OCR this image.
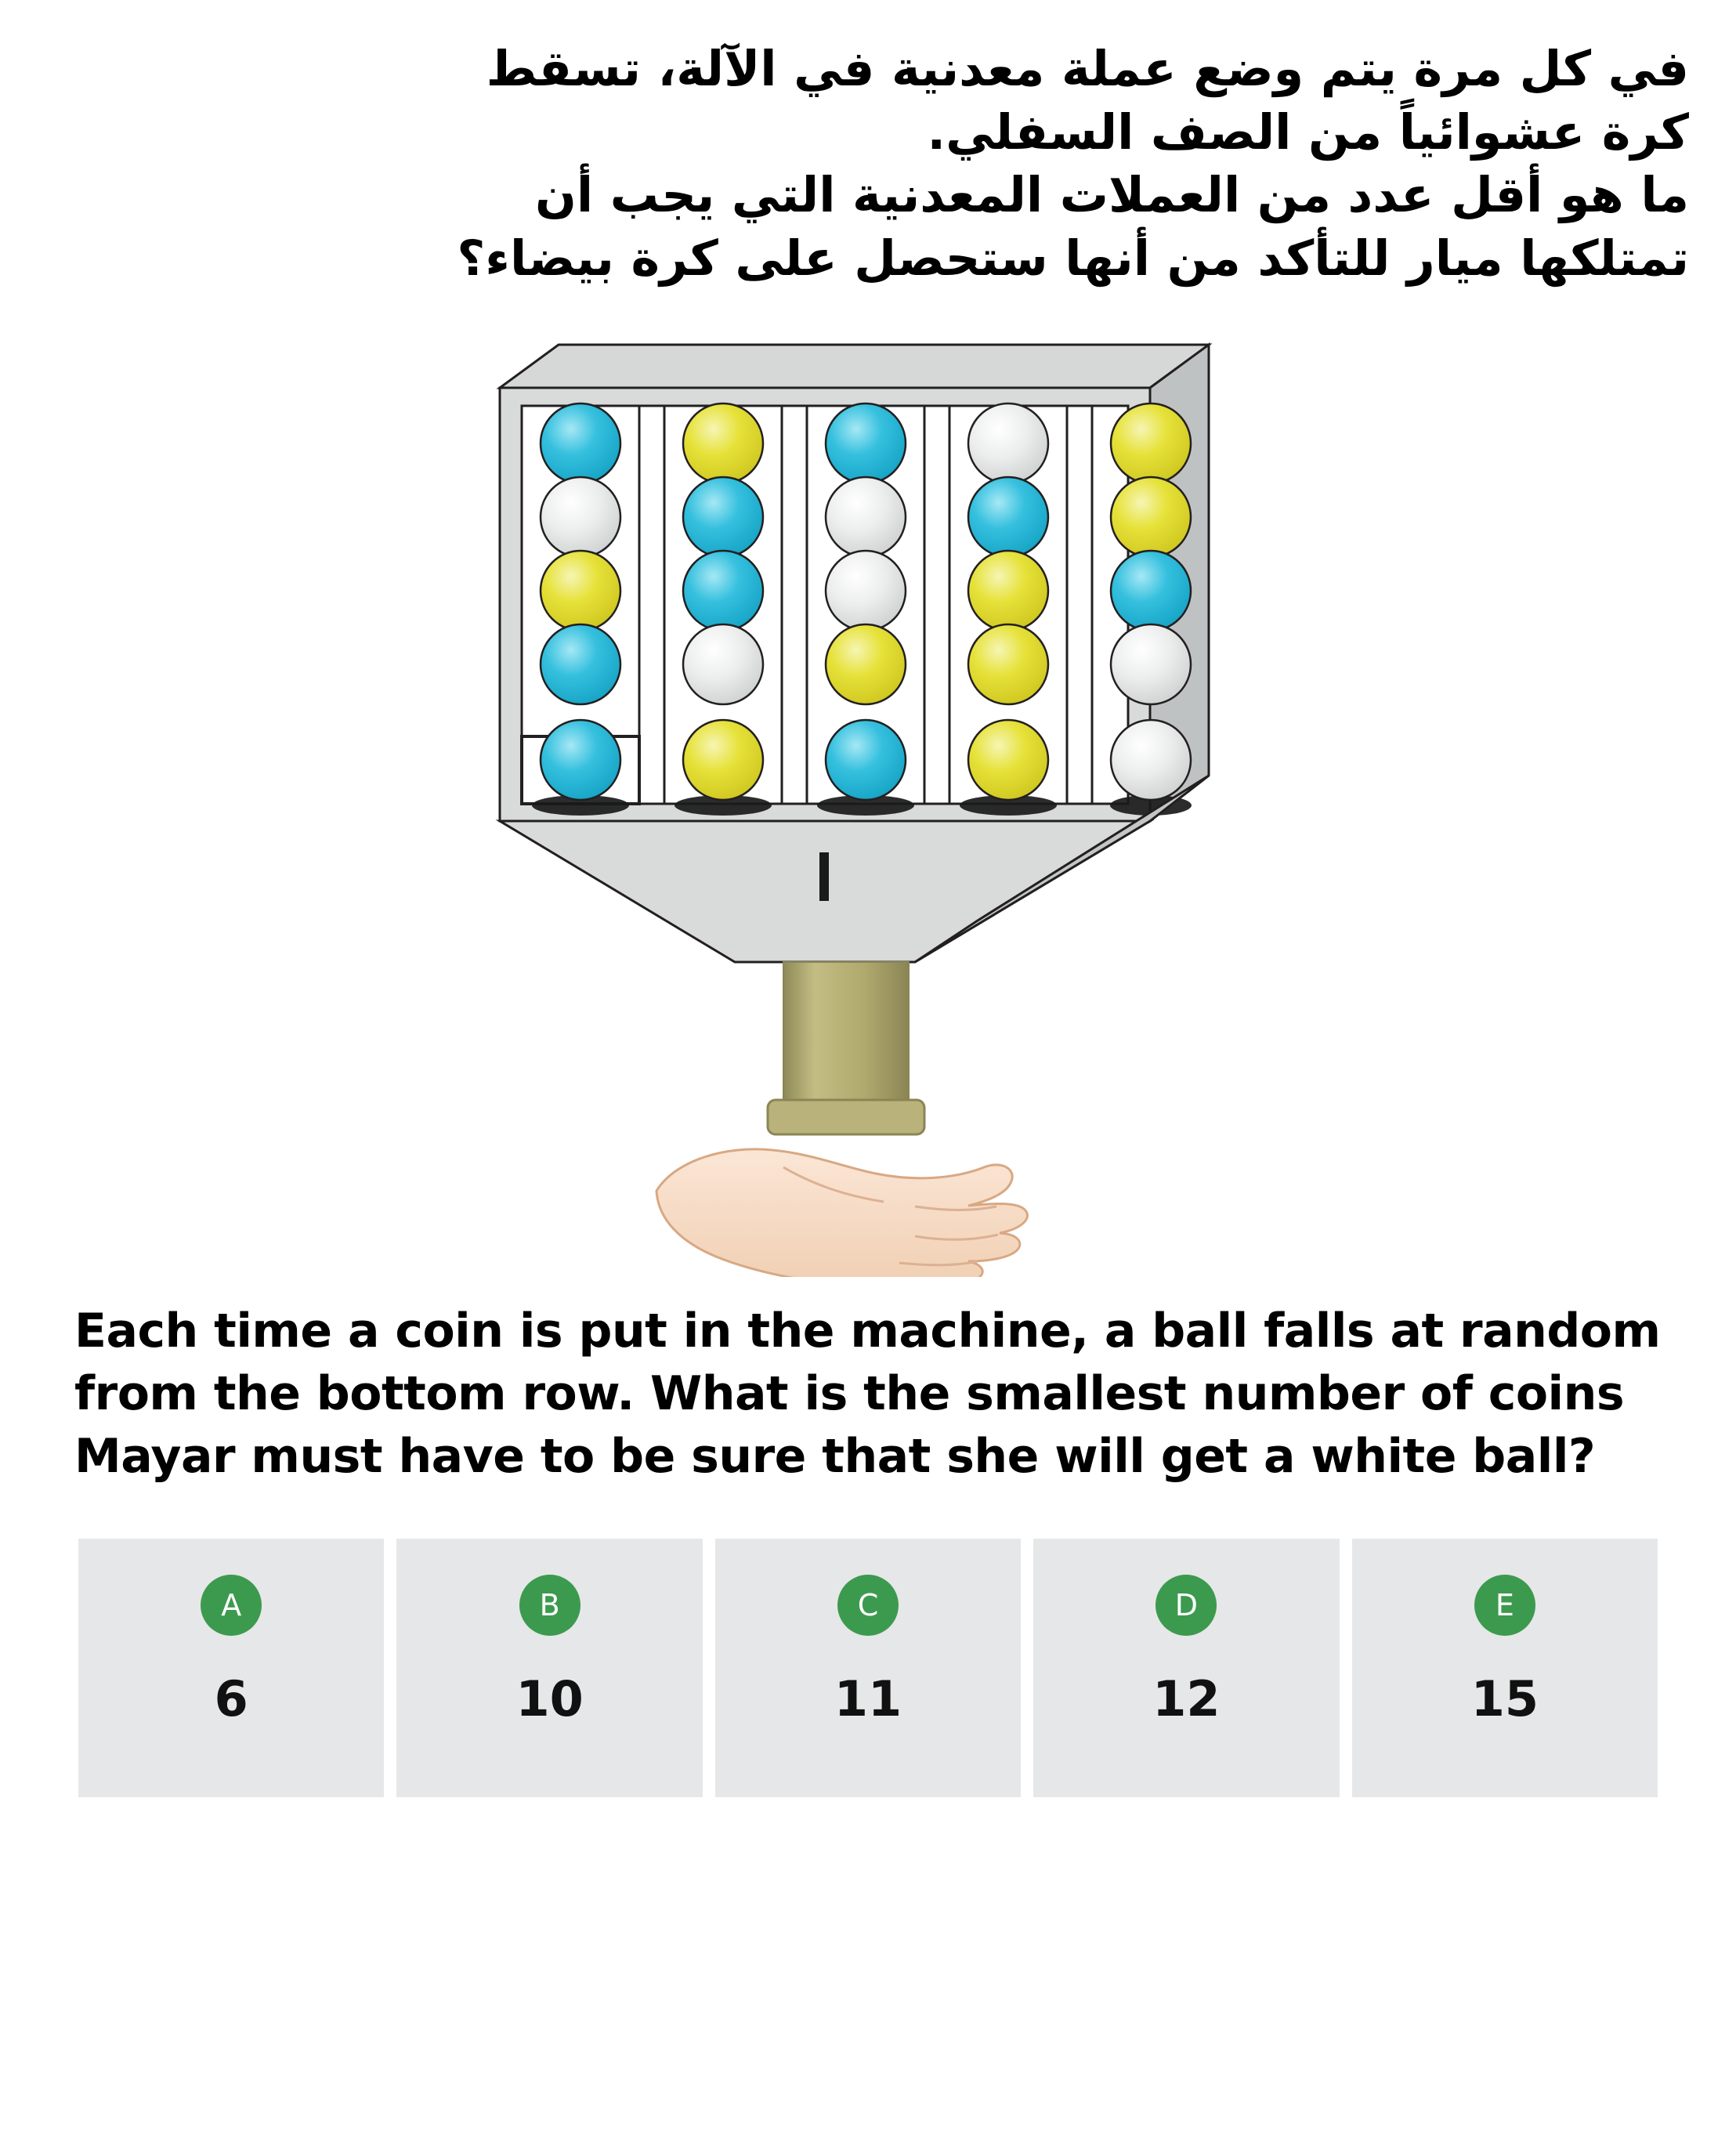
في كل مرة يتم وضع عملة معدنية في الآلة، تسقط
كرة عشوائياً من الصف السفلي.
ما هو أقل عدد من العملات المعدنية التي يجب أن
تمتلكها ميار للتأكد من أنها ستحصل على كرة بيضاء؟
Each time a coin is put in the machine, a ball falls at random from the bottom row. What is the smallest number of coins Mayar must have to be sure that she will get a white ball?
A
6
B
10
C
11
D
12
E
15
